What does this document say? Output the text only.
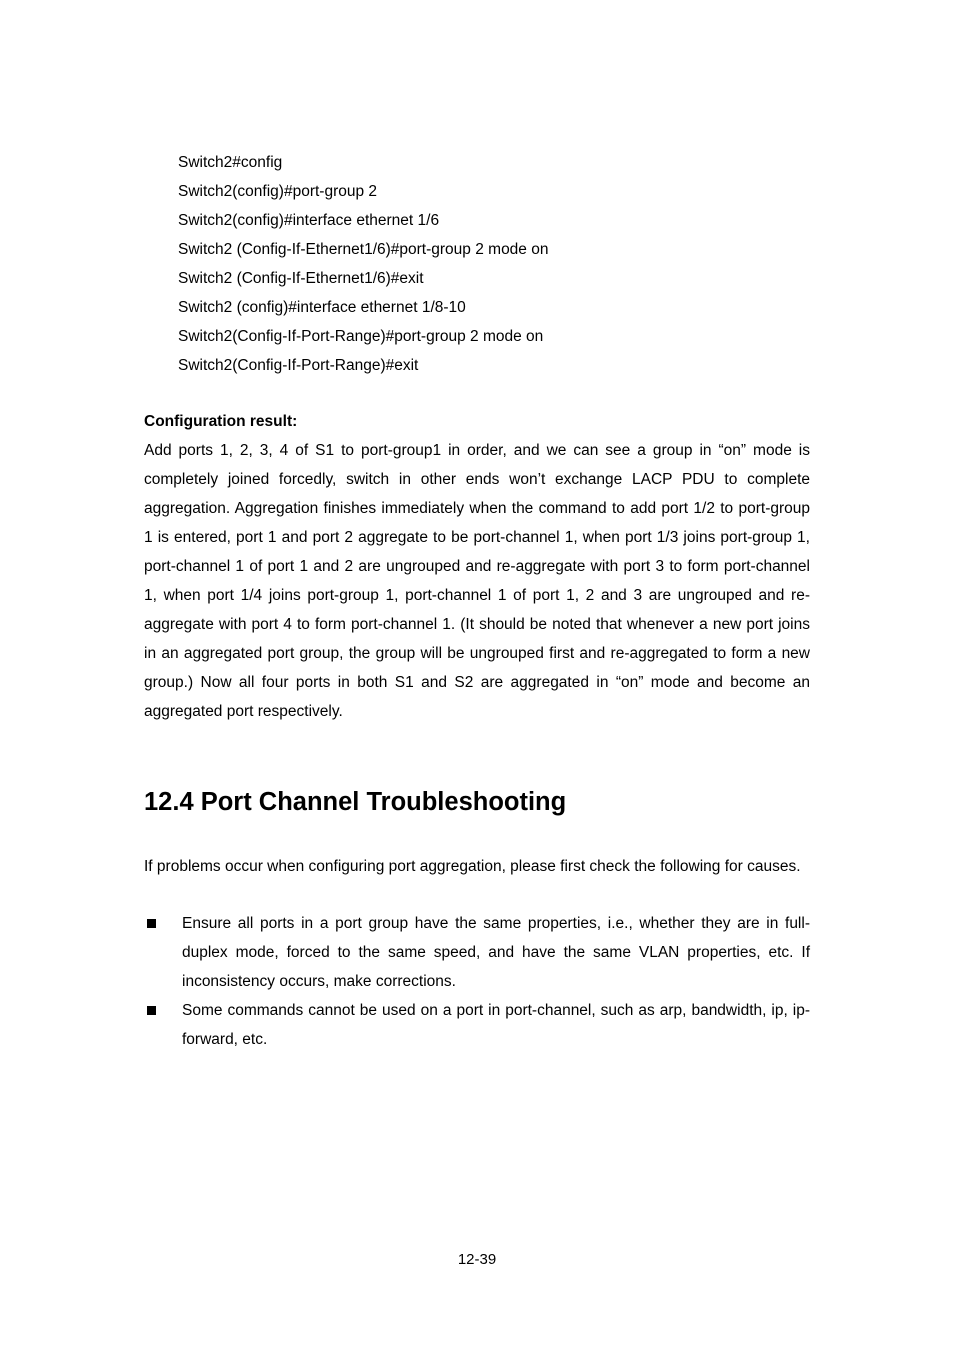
Switch2#config
Switch2(config)#port-group 2
Switch2(config)#interface ethernet 1/6
Switch2 (Config-If-Ethernet1/6)#port-group 2 mode on
Switch2 (Config-If-Ethernet1/6)#exit
Switch2 (config)#interface ethernet 1/8-10
Switch2(Config-If-Port-Range)#port-group 2 mode on
Switch2(Config-If-Port-Range)#exit
Configuration result:
Add ports 1, 2, 3, 4 of S1 to port-group1 in order, and we can see a group in “on” mode is completely joined forcedly, switch in other ends won’t exchange LACP PDU to complete aggregation. Aggregation finishes immediately when the command to add port 1/2 to port-group 1 is entered, port 1 and port 2 aggregate to be port-channel 1, when port 1/3 joins port-group 1, port-channel 1 of port 1 and 2 are ungrouped and re-aggregate with port 3 to form port-channel 1, when port 1/4 joins port-group 1, port-channel 1 of port 1, 2 and 3 are ungrouped and re-aggregate with port 4 to form port-channel 1. (It should be noted that whenever a new port joins in an aggregated port group, the group will be ungrouped first and re-aggregated to form a new group.) Now all four ports in both S1 and S2 are aggregated in “on” mode and become an aggregated port respectively.
12.4 Port Channel Troubleshooting
If problems occur when configuring port aggregation, please first check the following for causes.
Ensure all ports in a port group have the same properties, i.e., whether they are in full-duplex mode, forced to the same speed, and have the same VLAN properties, etc. If inconsistency occurs, make corrections.
Some commands cannot be used on a port in port-channel, such as arp, bandwidth, ip, ip-forward, etc.
12-39
